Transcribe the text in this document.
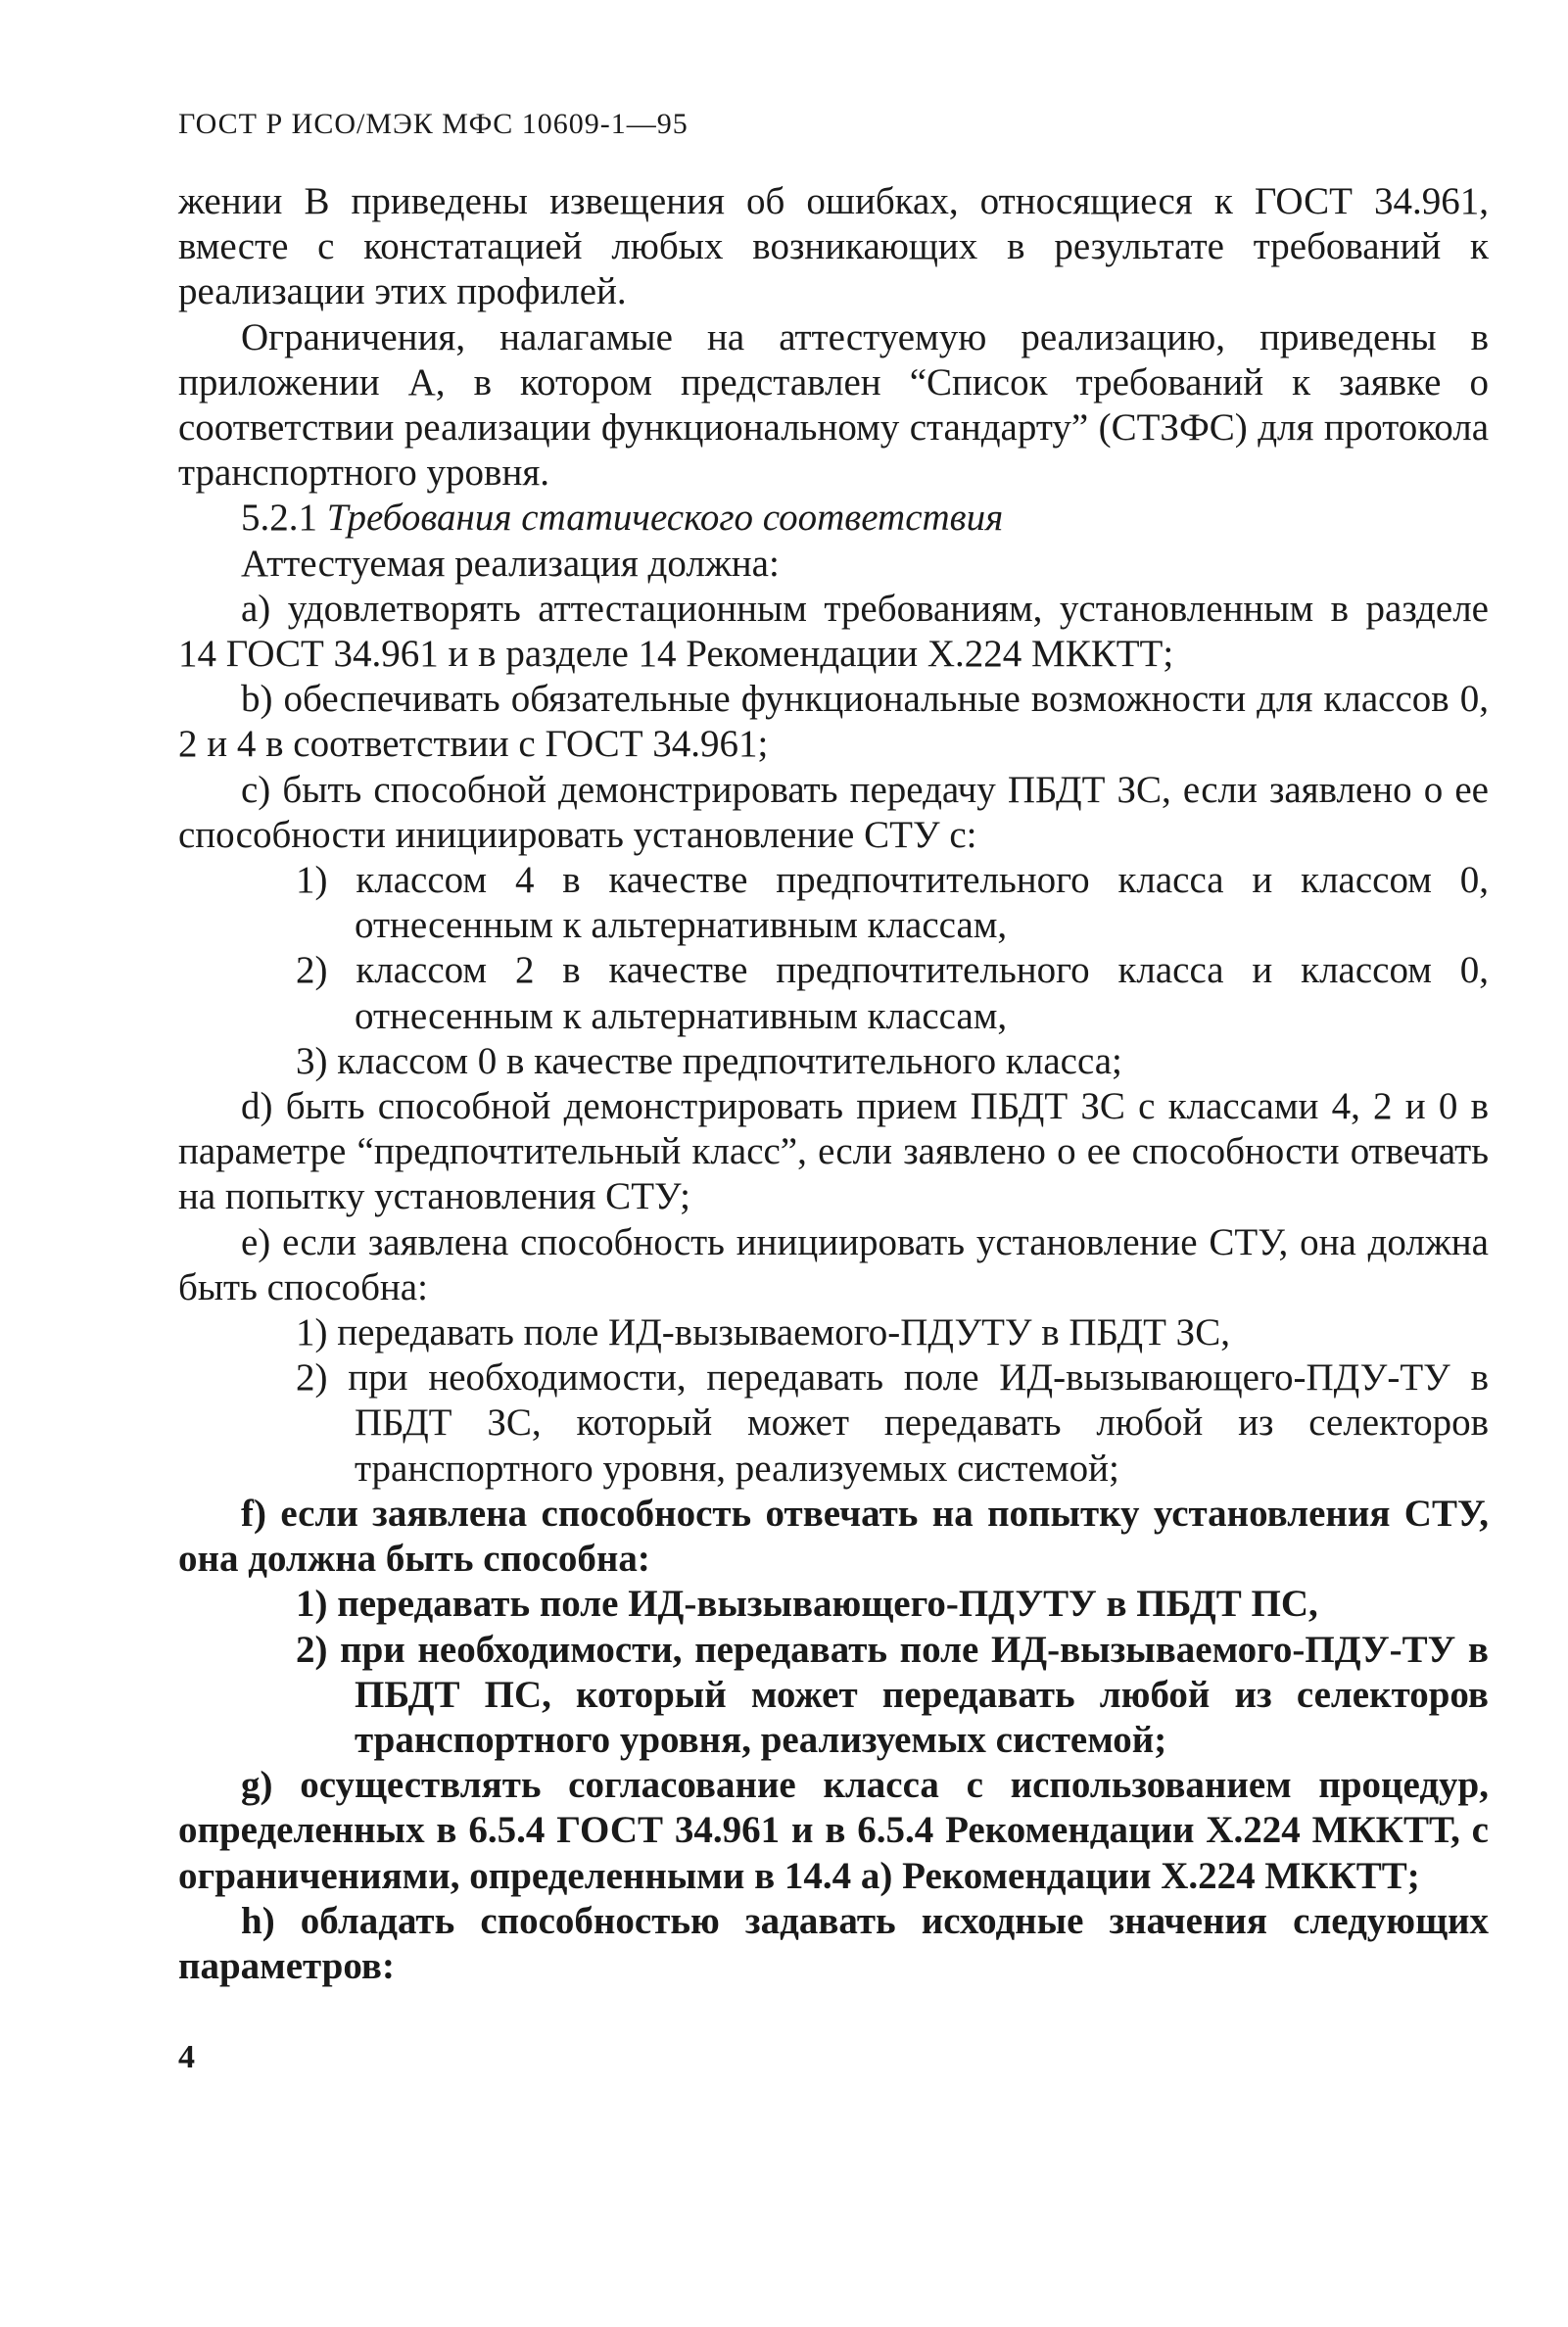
ГОСТ Р ИСО/МЭК МФС 10609-1—95

жении В приведены извещения об ошибках, относящиеся к ГОСТ 34.961, вместе с констатацией любых возникающих в результате требований к реализации этих профилей.

Ограничения, налагамые на аттестуемую реализацию, приведены в приложении А, в котором представлен “Список требований к заявке о соответствии реализации функциональному стандарту” (СТЗФС) для протокола транспортного уровня.

5.2.1 Требования статического соответствия

Аттестуемая реализация должна:

a) удовлетворять аттестационным требованиям, установленным в разделе 14 ГОСТ 34.961 и в разделе 14 Рекомендации Х.224 МККТТ;

b) обеспечивать обязательные функциональные возможности для классов 0, 2 и 4 в соответствии с ГОСТ 34.961;

c) быть способной демонстрировать передачу ПБДТ ЗС, если заявлено о ее способности инициировать установление СТУ с:

1) классом 4 в качестве предпочтительного класса и классом 0, отнесенным к альтернативным классам,

2) классом 2 в качестве предпочтительного класса и классом 0, отнесенным к альтернативным классам,

3) классом 0 в качестве предпочтительного класса;

d) быть способной демонстрировать прием ПБДТ ЗС с классами 4, 2 и 0 в параметре “предпочтительный класс”, если заявлено о ее способности отвечать на попытку установления СТУ;

e) если заявлена способность инициировать установление СТУ, она должна быть способна:

1) передавать поле ИД-вызываемого-ПДУТУ в ПБДТ ЗС,

2) при необходимости, передавать поле ИД-вызывающего-ПДУ-ТУ в ПБДТ ЗС, который может передавать любой из селекторов транспортного уровня, реализуемых системой;

f) если заявлена способность отвечать на попытку установления СТУ, она должна быть способна:

1) передавать поле ИД-вызывающего-ПДУТУ в ПБДТ ПС,

2) при необходимости, передавать поле ИД-вызываемого-ПДУ-ТУ в ПБДТ ПС, который может передавать любой из селекторов транспортного уровня, реализуемых системой;

g) осуществлять согласование класса с использованием процедур, определенных в 6.5.4 ГОСТ 34.961 и в 6.5.4 Рекомендации Х.224 МККТТ, с ограничениями, определенными в 14.4 а) Рекомендации Х.224 МККТТ;

h) обладать способностью задавать исходные значения следующих параметров:

4
